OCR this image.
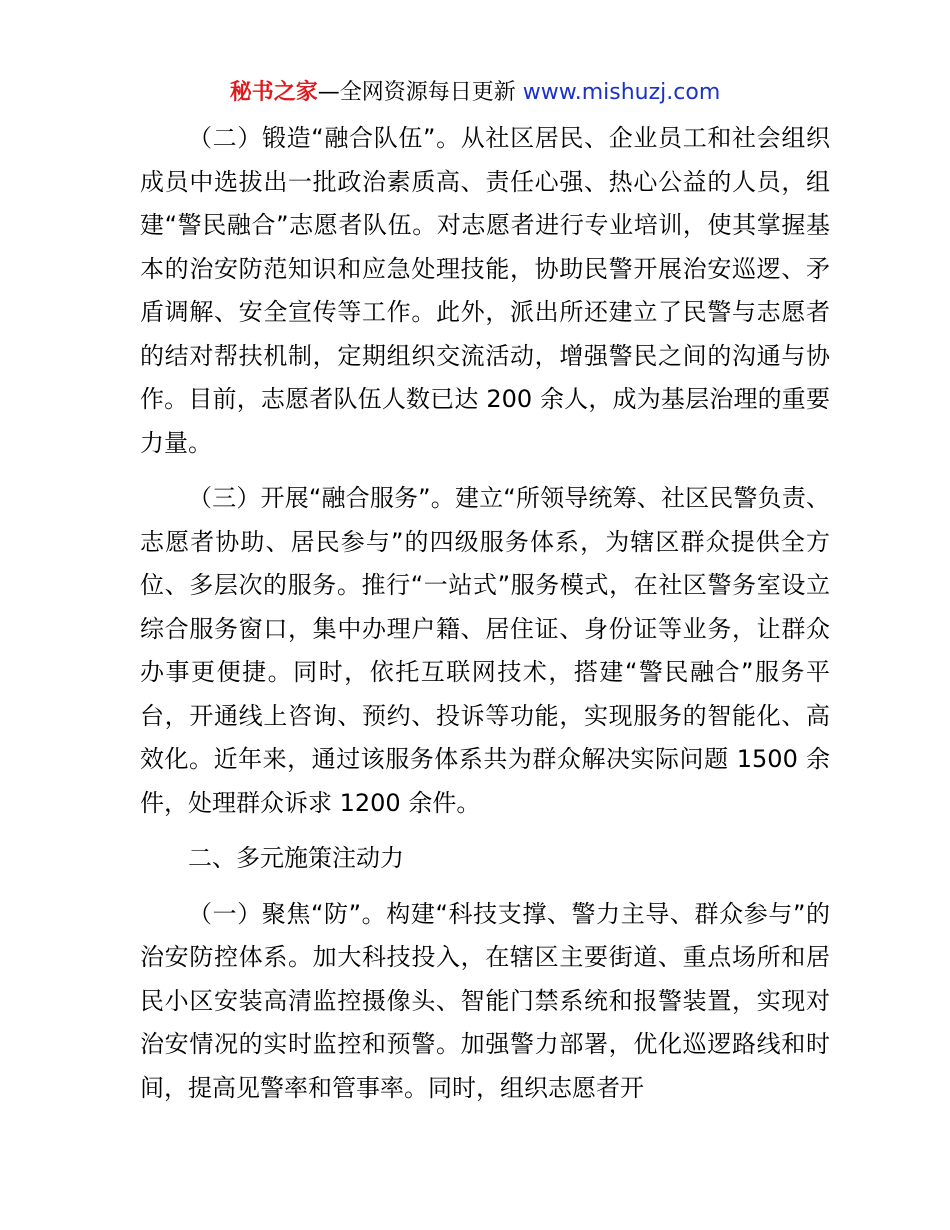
秘书之家—全网资源每日更新 www.mishuzj.com

（二）锻造“融合队伍”。从社区居民、企业员工和社会组织成员中选拔出一批政治素质高、责任心强、热心公益的人员，组建“警民融合”志愿者队伍。对志愿者进行专业培训，使其掌握基本的治安防范知识和应急处理技能，协助民警开展治安巡逻、矛盾调解、安全宣传等工作。此外，派出所还建立了民警与志愿者的结对帮扶机制，定期组织交流活动，增强警民之间的沟通与协作。目前，志愿者队伍人数已达 200 余人，成为基层治理的重要力量。

（三）开展“融合服务”。建立“所领导统筹、社区民警负责、志愿者协助、居民参与”的四级服务体系，为辖区群众提供全方位、多层次的服务。推行“一站式”服务模式，在社区警务室设立综合服务窗口，集中办理户籍、居住证、身份证等业务，让群众办事更便捷。同时，依托互联网技术，搭建“警民融合”服务平台，开通线上咨询、预约、投诉等功能，实现服务的智能化、高效化。近年来，通过该服务体系共为群众解决实际问题 1500 余件，处理群众诉求 1200 余件。

二、多元施策注动力

（一）聚焦“防”。构建“科技支撑、警力主导、群众参与”的治安防控体系。加大科技投入，在辖区主要街道、重点场所和居民小区安装高清监控摄像头、智能门禁系统和报警装置，实现对治安情况的实时监控和预警。加强警力部署，优化巡逻路线和时间，提高见警率和管事率。同时，组织志愿者开
